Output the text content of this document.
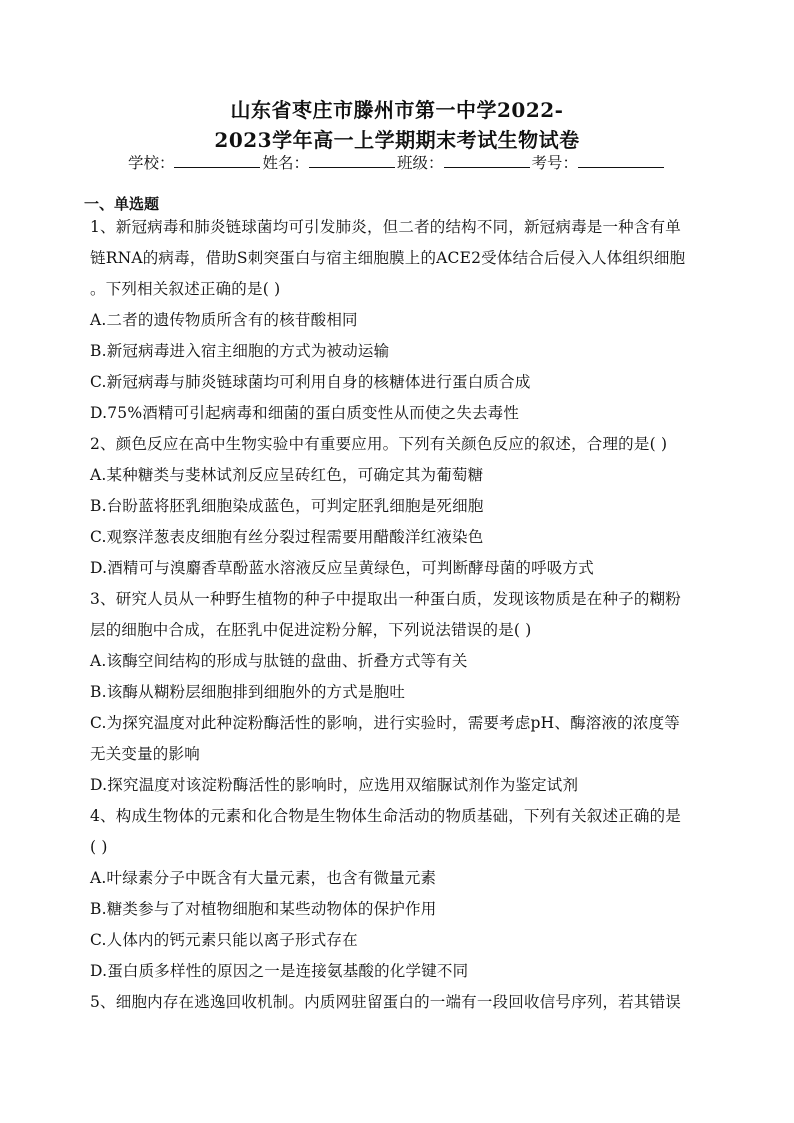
山东省枣庄市滕州市第一中学2022-
2023学年高一上学期期末考试生物试卷
学校：	姓名：	班级：	考号：
一、单选题
1、新冠病毒和肺炎链球菌均可引发肺炎，但二者的结构不同，新冠病毒是一种含有单
链RNA的病毒，借助S刺突蛋白与宿主细胞膜上的ACE2受体结合后侵入人体组织细胞
。下列相关叙述正确的是( )
A.二者的遗传物质所含有的核苷酸相同
B.新冠病毒进入宿主细胞的方式为被动运输
C.新冠病毒与肺炎链球菌均可利用自身的核糖体进行蛋白质合成
D.75%酒精可引起病毒和细菌的蛋白质变性从而使之失去毒性
2、颜色反应在高中生物实验中有重要应用。下列有关颜色反应的叙述，合理的是( )
A.某种糖类与斐林试剂反应呈砖红色，可确定其为葡萄糖
B.台盼蓝将胚乳细胞染成蓝色，可判定胚乳细胞是死细胞
C.观察洋葱表皮细胞有丝分裂过程需要用醋酸洋红液染色
D.酒精可与溴麝香草酚蓝水溶液反应呈黄绿色，可判断酵母菌的呼吸方式
3、研究人员从一种野生植物的种子中提取出一种蛋白质，发现该物质是在种子的糊粉
层的细胞中合成，在胚乳中促进淀粉分解，下列说法错误的是( )
A.该酶空间结构的形成与肽链的盘曲、折叠方式等有关
B.该酶从糊粉层细胞排到细胞外的方式是胞吐
C.为探究温度对此种淀粉酶活性的影响，进行实验时，需要考虑pH、酶溶液的浓度等
无关变量的影响
D.探究温度对该淀粉酶活性的影响时，应选用双缩脲试剂作为鉴定试剂
4、构成生物体的元素和化合物是生物体生命活动的物质基础，下列有关叙述正确的是
( )
A.叶绿素分子中既含有大量元素，也含有微量元素
B.糖类参与了对植物细胞和某些动物体的保护作用
C.人体内的钙元素只能以离子形式存在
D.蛋白质多样性的原因之一是连接氨基酸的化学键不同
5、细胞内存在逃逸回收机制。内质网驻留蛋白的一端有一段回收信号序列，若其错误
